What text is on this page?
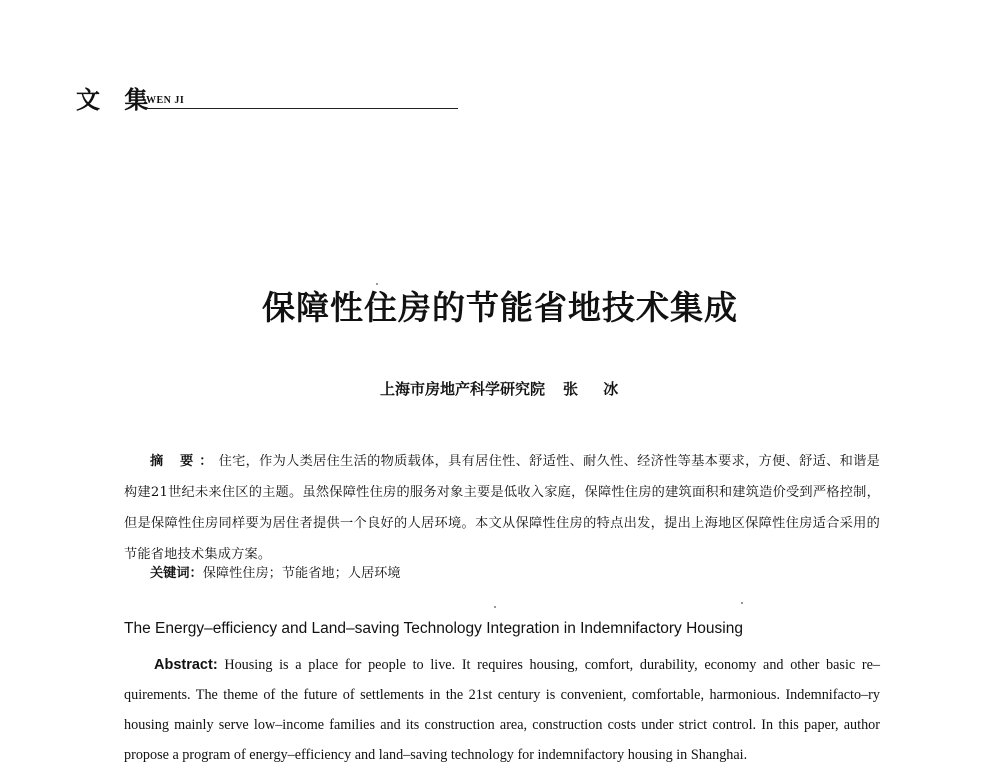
文 集
WEN JI
保障性住房的节能省地技术集成
上海市房地产科学研究院 张 冰
摘 要：住宅，作为人类居住生活的物质载体，具有居住性、舒适性、耐久性、经济性等基本要求，方便、舒适、和谐是构建21世纪未来住区的主题。虽然保障性住房的服务对象主要是低收入家庭，保障性住房的建筑面积和建筑造价受到严格控制，但是保障性住房同样要为居住者提供一个良好的人居环境。本文从保障性住房的特点出发，提出上海地区保障性住房适合采用的节能省地技术集成方案。
关键词：保障性住房；节能省地；人居环境
The Energy–efficiency and Land–saving Technology Integration in Indemnifactory Housing
Abstract: Housing is a place for people to live. It requires housing, comfort, durability, economy and other basic re–quirements. The theme of the future of settlements in the 21st century is convenient, comfortable, harmonious. Indemnifacto–ry housing mainly serve low–income families and its construction area, construction costs under strict control. In this paper, author propose a program of energy–efficiency and land–saving technology for indemnifactory housing in Shanghai.
